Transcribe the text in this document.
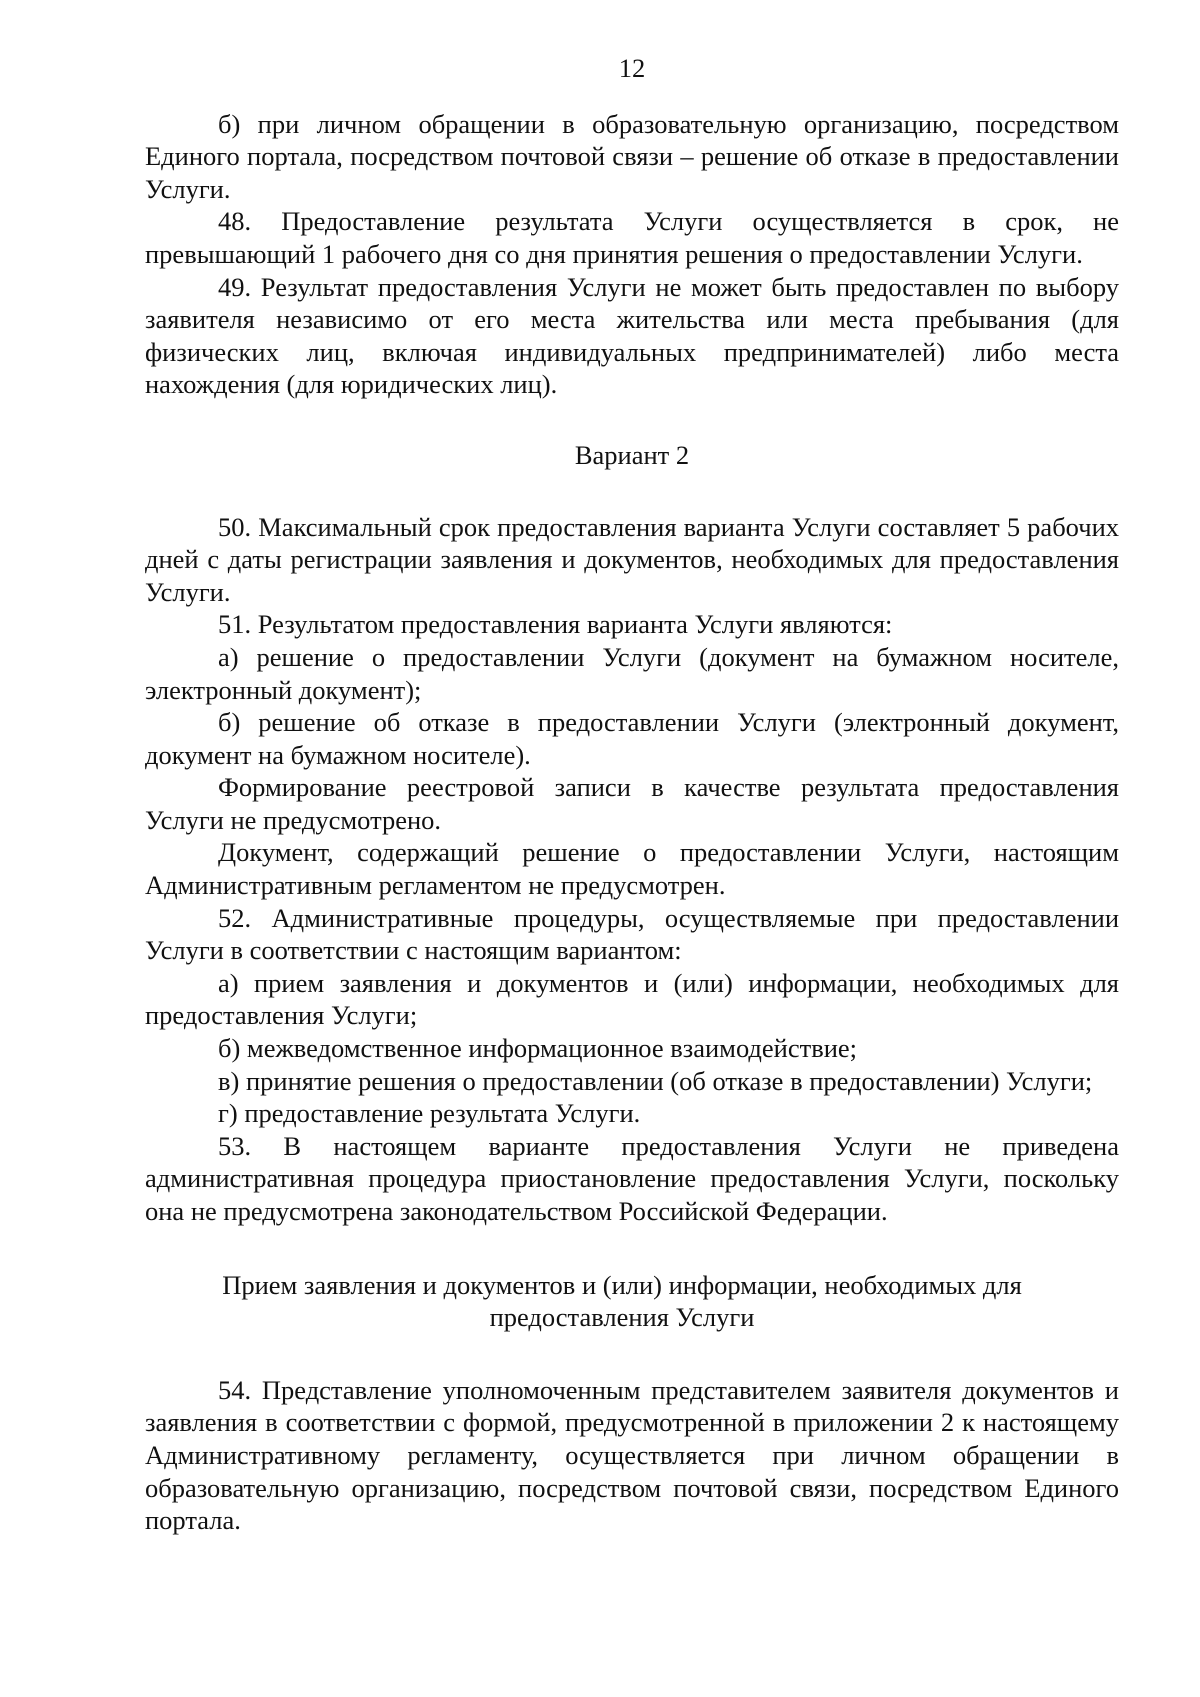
12

б) при личном обращении в образовательную организацию, посредством Единого портала, посредством почтовой связи – решение об отказе в предоставлении Услуги.

48. Предоставление результата Услуги осуществляется в срок, не превышающий 1 рабочего дня со дня принятия решения о предоставлении Услуги.

49. Результат предоставления Услуги не может быть предоставлен по выбору заявителя независимо от его места жительства или места пребывания (для физических лиц, включая индивидуальных предпринимателей) либо места нахождения (для юридических лиц).

Вариант 2

50. Максимальный срок предоставления варианта Услуги составляет 5 рабочих дней с даты регистрации заявления и документов, необходимых для предоставления Услуги.

51. Результатом предоставления варианта Услуги являются:

а) решение о предоставлении Услуги (документ на бумажном носителе, электронный документ);

б) решение об отказе в предоставлении Услуги (электронный документ, документ на бумажном носителе).

Формирование реестровой записи в качестве результата предоставления Услуги не предусмотрено.

Документ, содержащий решение о предоставлении Услуги, настоящим Административным регламентом не предусмотрен.

52. Административные процедуры, осуществляемые при предоставлении Услуги в соответствии с настоящим вариантом:

а) прием заявления и документов и (или) информации, необходимых для предоставления Услуги;

б) межведомственное информационное взаимодействие;

в) принятие решения о предоставлении (об отказе в предоставлении) Услуги;

г) предоставление результата Услуги.

53. В настоящем варианте предоставления Услуги не приведена административная процедура приостановление предоставления Услуги, поскольку она не предусмотрена законодательством Российской Федерации.

Прием заявления и документов и (или) информации, необходимых для предоставления Услуги

54. Представление уполномоченным представителем заявителя документов и заявления в соответствии с формой, предусмотренной в приложении 2 к настоящему Административному регламенту, осуществляется при личном обращении в образовательную организацию, посредством почтовой связи, посредством Единого портала.
